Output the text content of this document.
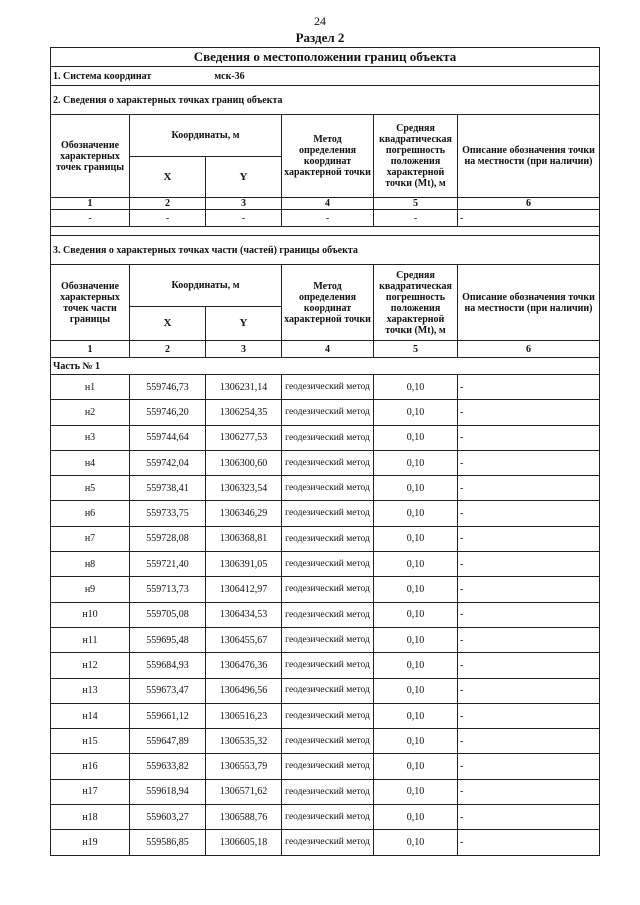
24
Раздел 2
Сведения о местоположении границ объекта					
1. Система координат мск-36					
2. Сведения о характерных точках границ объекта					
Обозначение характерных точек границы	Координаты, м		Метод определения координат характерной точки	Средняя квадратическая погрешность положения характерной точки (Mt), м	Описание обозначения точки на местности (при наличии)
	X	Y			
1	2	3	4	5	6
-	-	-	-	-	-

3. Сведения о характерных точках части (частей) границы объекта					
Обозначение характерных точек части границы	Координаты, м		Метод определения координат характерной точки	Средняя квадратическая погрешность положения характерной точки (Mt), м	Описание обозначения точки на местности (при наличии)
	X	Y			
1	2	3	4	5	6
Часть № 1					
н1	559746,73	1306231,14	геодезический метод	0,10	-
н2	559746,20	1306254,35	геодезический метод	0,10	-
н3	559744,64	1306277,53	геодезический метод	0,10	-
н4	559742,04	1306300,60	геодезический метод	0,10	-
н5	559738,41	1306323,54	геодезический метод	0,10	-
н6	559733,75	1306346,29	геодезический метод	0,10	-
н7	559728,08	1306368,81	геодезический метод	0,10	-
н8	559721,40	1306391,05	геодезический метод	0,10	-
н9	559713,73	1306412,97	геодезический метод	0,10	-
н10	559705,08	1306434,53	геодезический метод	0,10	-
н11	559695,48	1306455,67	геодезический метод	0,10	-
н12	559684,93	1306476,36	геодезический метод	0,10	-
н13	559673,47	1306496,56	геодезический метод	0,10	-
н14	559661,12	1306516,23	геодезический метод	0,10	-
н15	559647,89	1306535,32	геодезический метод	0,10	-
н16	559633,82	1306553,79	геодезический метод	0,10	-
н17	559618,94	1306571,62	геодезический метод	0,10	-
н18	559603,27	1306588,76	геодезический метод	0,10	-
н19	559586,85	1306605,18	геодезический метод	0,10	-
